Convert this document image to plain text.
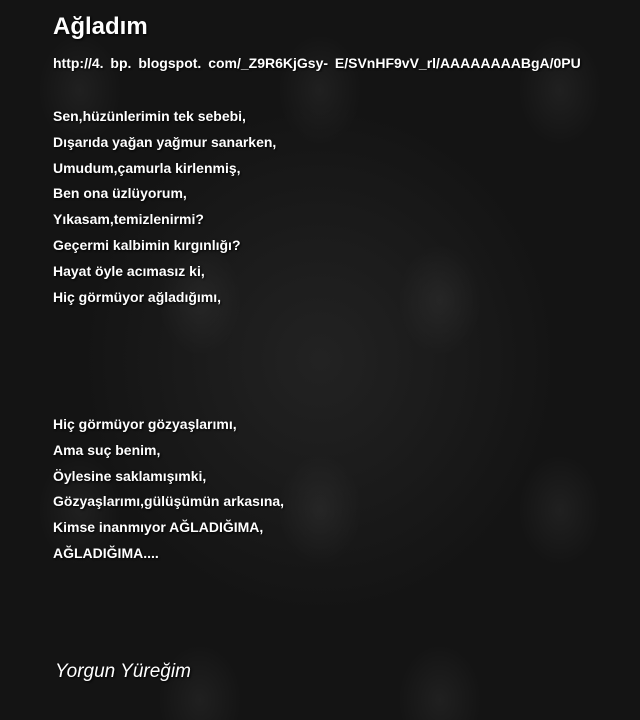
Ağladım
http://4. bp. blogspot. com/_Z9R6KjGsy- E/SVnHF9vV_rl/AAAAAAAABgA/0PU
Sen,hüzünlerimin tek sebebi,
Dışarıda yağan yağmur sanarken,
Umudum,çamurla kirlenmiş,
Ben ona üzlüyorum,
Yıkasam,temizlenirmi?
Geçermi kalbimin kırgınlığı?
Hayat öyle acımasız ki,
Hiç görmüyor ağladığımı,
Hiç görmüyor gözyaşlarımı,
Ama suç benim,
Öylesine saklamışımki,
Gözyaşlarımı,gülüşümün arkasına,
Kimse inanmıyor AĞLADIĞIMA,
AĞLADIĞIMA....
Yorgun Yüreğim
